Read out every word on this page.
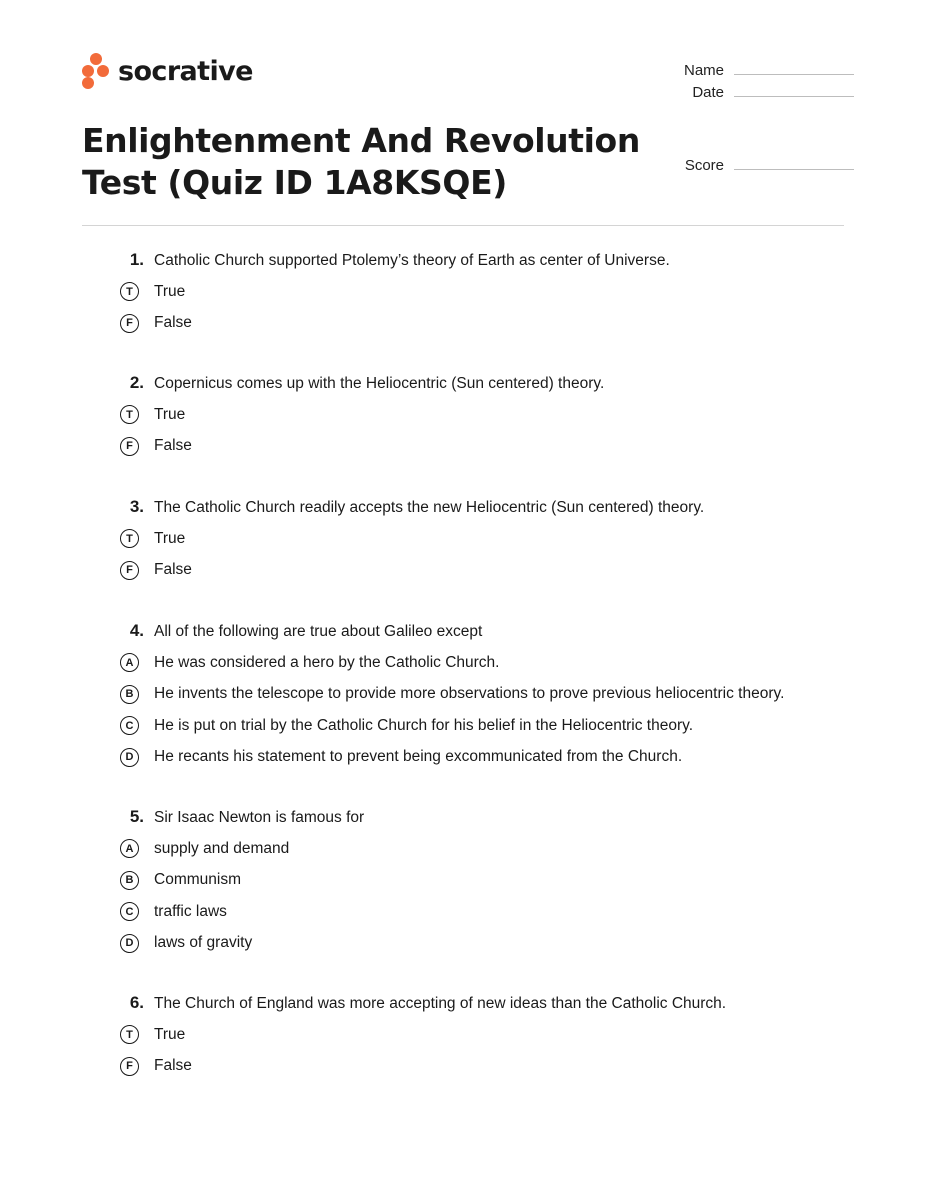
socrative	Name
Date
Score
Enlightenment And Revolution Test (Quiz ID 1A8KSQE)
1. Catholic Church supported Ptolemy’s theory of Earth as center of Universe.
T	True
F	False
2. Copernicus comes up with the Heliocentric (Sun centered) theory.
T	True
F	False
3. The Catholic Church readily accepts the new Heliocentric (Sun centered) theory.
T	True
F	False
4. All of the following are true about Galileo except
A	He was considered a hero by the Catholic Church.
B	He invents the telescope to provide more observations to prove previous heliocentric theory.
C	He is put on trial by the Catholic Church for his belief in the Heliocentric theory.
D	He recants his statement to prevent being excommunicated from the Church.
5. Sir Isaac Newton is famous for
A	supply and demand
B	Communism
C	traffic laws
D	laws of gravity
6. The Church of England was more accepting of new ideas than the Catholic Church.
T	True
F	False
